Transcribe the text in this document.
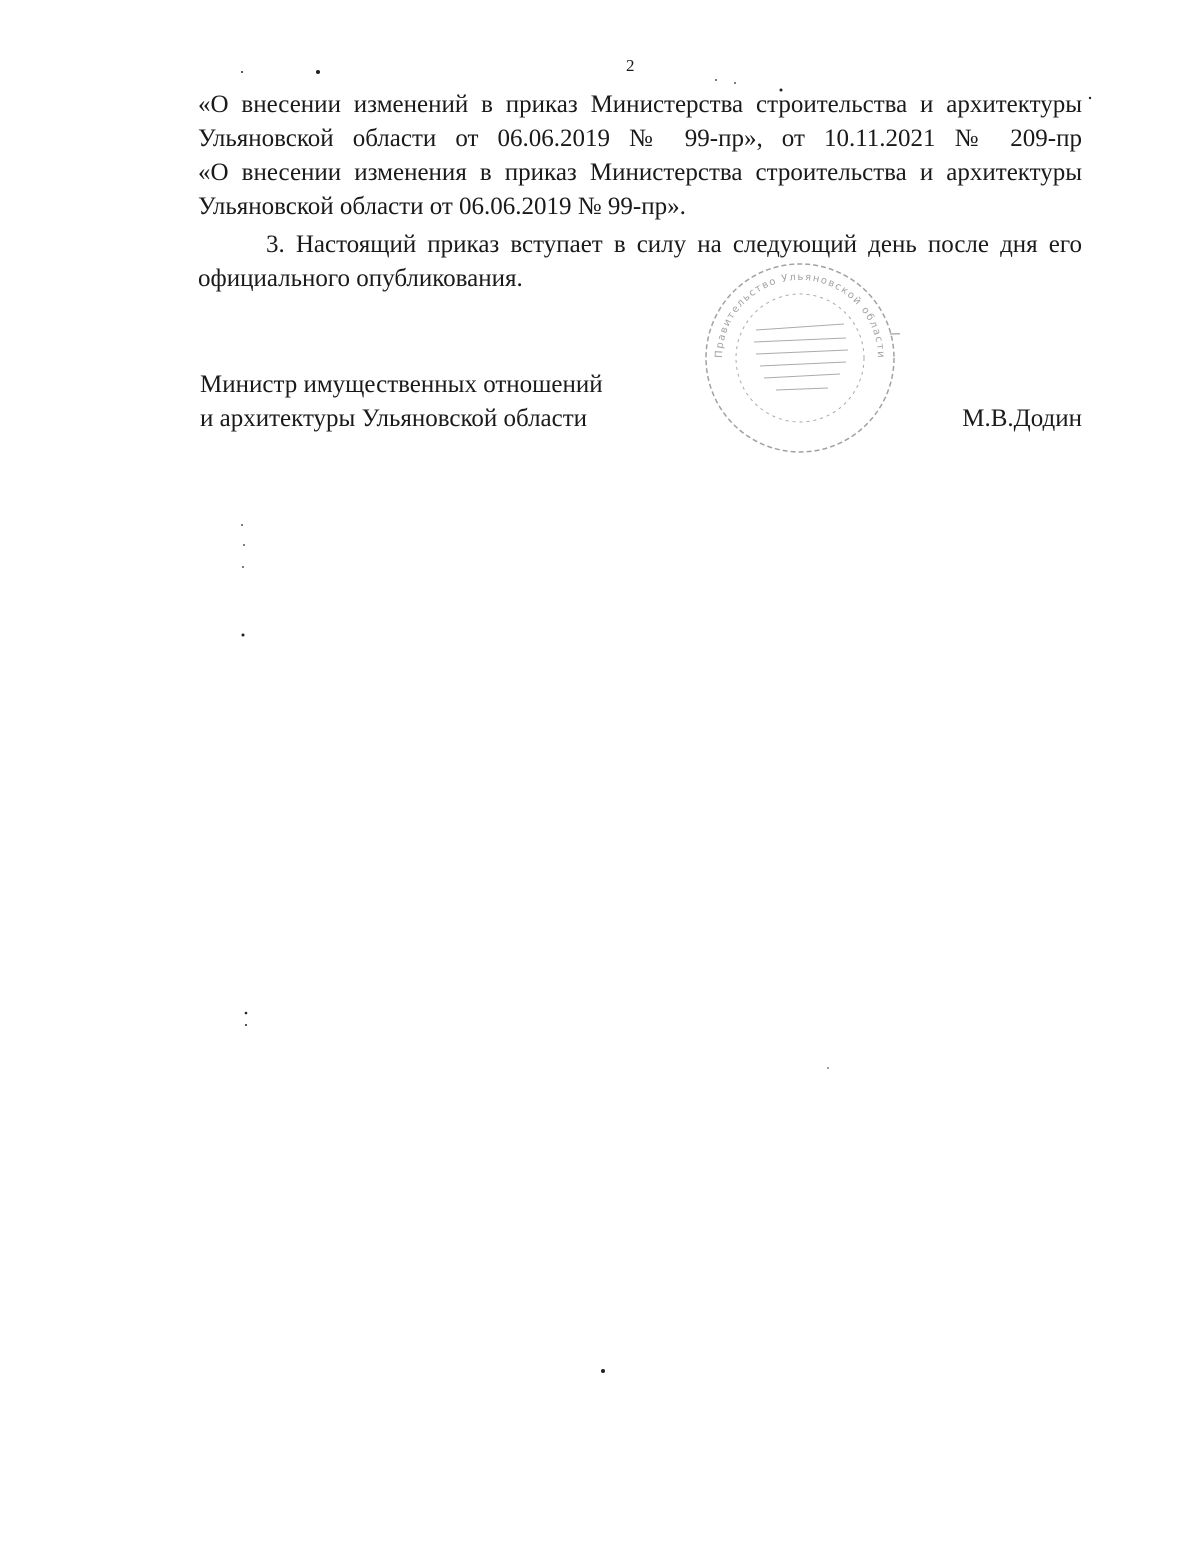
2

«О внесении изменений в приказ Министерства строительства и архитектуры
Ульяновской области от 06.06.2019 № 99-пр», от 10.11.2021 № 209-пр
«О внесении изменения в приказ Министерства строительства и архитектуры
Ульяновской области от 06.06.2019 № 99-пр».

3. Настоящий приказ вступает в силу на следующий день после дня его
официального опубликования.

Министр имущественных отношений
и архитектуры Ульяновской области	М.В.Додин
Правительство Ульяновской области
